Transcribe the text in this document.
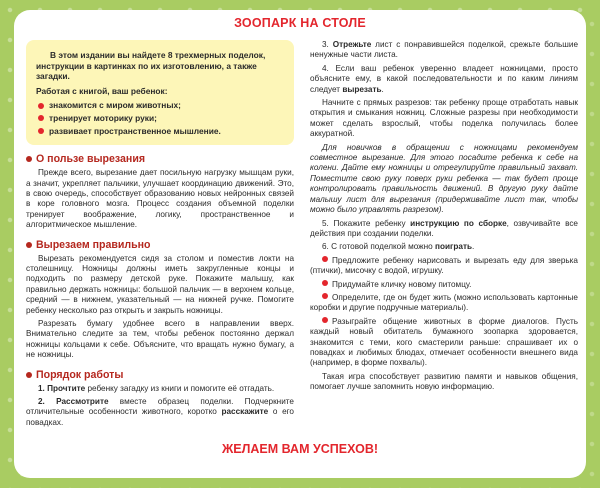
ЗООПАРК НА СТОЛЕ

В этом издании вы найдете 8 трехмерных поделок, инструкции в картинках по их изготовлению, а также загадки.

Работая с книгой, ваш ребенок:

знакомится с миром животных;
тренирует моторику руки;
развивает пространственное мышление.
О пользе вырезания

Прежде всего, вырезание дает посильную нагрузку мышцам руки, а значит, укрепляет пальчики, улучшает координацию движений. Это, в свою очередь, способствует образованию новых нейронных связей в коре головного мозга. Процесс создания объемной поделки тренирует воображение, логику, пространственное и алгоритмическое мышление.

Вырезаем правильно

Вырезать рекомендуется сидя за столом и поместив локти на столешницу. Ножницы должны иметь закругленные концы и подходить по размеру детской руке. Покажите малышу, как правильно держать ножницы: большой пальчик — в верхнем кольце, средний — в нижнем, указательный — на нижней ручке. Помогите ребенку несколько раз открыть и закрыть ножницы.

Разрезать бумагу удобнее всего в направлении вверх. Внимательно следите за тем, чтобы ребенок постоянно держал ножницы кольцами к себе. Объясните, что вращать нужно бумагу, а не ножницы.

Порядок работы

1. Прочтите ребенку загадку из книги и помогите её отгадать.

2. Рассмотрите вместе образец поделки. Подчеркните отличительные особенности животного, коротко расскажите о его повадках.

3. Отрежьте лист с понравившейся поделкой, срежьте большие ненужные части листа.

4. Если ваш ребенок уверенно владеет ножницами, просто объясните ему, в какой последовательности и по каким линиям следует вырезать.

Начните с прямых разрезов: так ребенку проще отработать навык открытия и смыкания ножниц. Сложные разрезы при необходимости может сделать взрослый, чтобы поделка получилась более аккуратной.

Для новичков в обращении с ножницами рекомендуем совместное вырезание. Для этого посадите ребенка к себе на колени. Дайте ему ножницы и отрегулируйте правильный захват. Поместите свою руку поверх руки ребенка — так будет проще контролировать правильность движений. В другую руку дайте малышу лист для вырезания (придерживайте лист так, чтобы можно было управлять разрезом).

5. Покажите ребенку инструкцию по сборке, озвучивайте все действия при создании поделки.

6. С готовой поделкой можно поиграть.

Предложите ребенку нарисовать и вырезать еду для зверька (птички), мисочку с водой, игрушку.

Придумайте кличку новому питомцу.

Определите, где он будет жить (можно использовать картонные коробки и другие подручные материалы).

Разыграйте общение животных в форме диалогов. Пусть каждый новый обитатель бумажного зоопарка здоровается, знакомится с теми, кого смастерили раньше: спрашивает их о повадках и любимых блюдах, отмечает особенности внешнего вида (например, в форме похвалы).

Такая игра способствует развитию памяти и навыков общения, помогает лучше запомнить новую информацию.

ЖЕЛАЕМ ВАМ УСПЕХОВ!
